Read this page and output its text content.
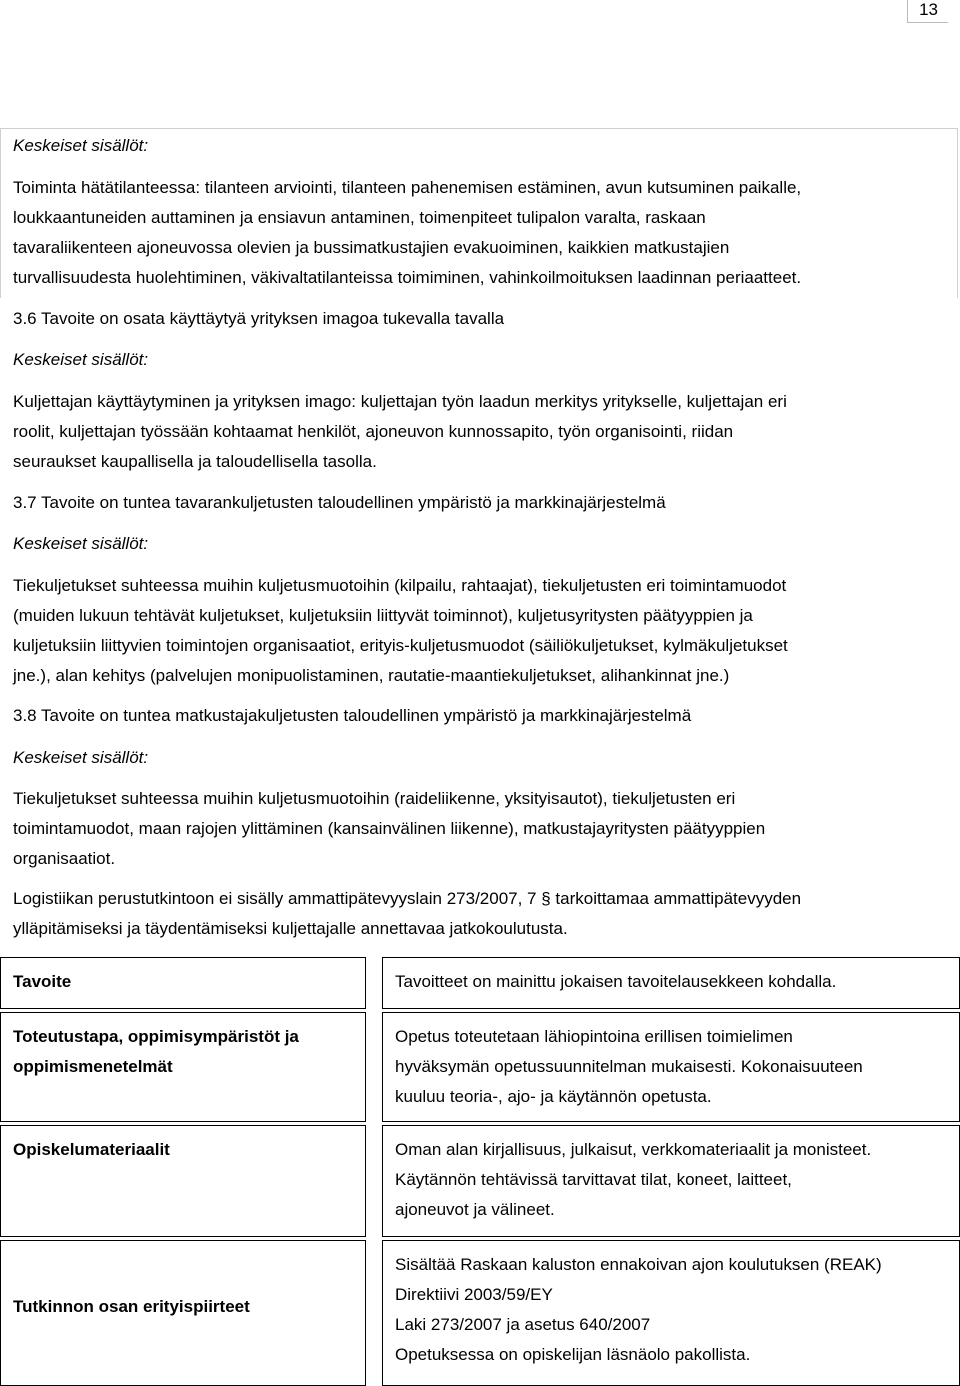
13
Keskeiset sisällöt:
Toiminta hätätilanteessa: tilanteen arviointi, tilanteen pahenemisen estäminen, avun kutsuminen paikalle,
loukkaantuneiden auttaminen ja ensiavun antaminen, toimenpiteet tulipalon varalta, raskaan
tavaraliikenteen ajoneuvossa olevien ja bussimatkustajien evakuoiminen, kaikkien matkustajien
turvallisuudesta huolehtiminen, väkivaltatilanteissa toimiminen, vahinkoilmoituksen laadinnan periaatteet.
3.6 Tavoite on osata käyttäytyä yrityksen imagoa tukevalla tavalla
Keskeiset sisällöt:
Kuljettajan käyttäytyminen ja yrityksen imago: kuljettajan työn laadun merkitys yritykselle, kuljettajan eri
roolit, kuljettajan työssään kohtaamat henkilöt, ajoneuvon kunnossapito, työn organisointi, riidan
seuraukset kaupallisella ja taloudellisella tasolla.
3.7 Tavoite on tuntea tavarankuljetusten taloudellinen ympäristö ja markkinajärjestelmä
Keskeiset sisällöt:
Tiekuljetukset suhteessa muihin kuljetusmuotoihin (kilpailu, rahtaajat), tiekuljetusten eri toimintamuodot
(muiden lukuun tehtävät kuljetukset, kuljetuksiin liittyvät toiminnot), kuljetusyritysten päätyyppien ja
kuljetuksiin liittyvien toimintojen organisaatiot, erityis-kuljetusmuodot (säiliökuljetukset, kylmäkuljetukset
jne.), alan kehitys (palvelujen monipuolistaminen, rautatie-maantiekuljetukset, alihankinnat jne.)
3.8 Tavoite on tuntea matkustajakuljetusten taloudellinen ympäristö ja markkinajärjestelmä
Keskeiset sisällöt:
Tiekuljetukset suhteessa muihin kuljetusmuotoihin (raideliikenne, yksityisautot), tiekuljetusten eri
toimintamuodot, maan rajojen ylittäminen (kansainvälinen liikenne), matkustajayritysten päätyyppien
organisaatiot.
Logistiikan perustutkintoon ei sisälly ammattipätevyyslain 273/2007, 7 § tarkoittamaa ammattipätevyyden
ylläpitämiseksi ja täydentämiseksi kuljettajalle annettavaa jatkokoulutusta.
Tavoite	Tavoitteet on mainittu jokaisen tavoitelausekkeen kohdalla.
Toteutustapa, oppimisympäristöt ja
oppimismenetelmät
Opetus toteutetaan lähiopintoina erillisen toimielimen
hyväksymän opetussuunnitelman mukaisesti. Kokonaisuuteen
kuuluu teoria-, ajo- ja käytännön opetusta.
Opiskelumateriaalit	Oman alan kirjallisuus, julkaisut, verkkomateriaalit ja monisteet.
Käytännön tehtävissä tarvittavat tilat, koneet, laitteet,
ajoneuvot ja välineet.
Tutkinnon osan erityispiirteet
Sisältää Raskaan kaluston ennakoivan ajon koulutuksen (REAK)
Direktiivi 2003/59/EY
Laki 273/2007 ja asetus 640/2007
Opetuksessa on opiskelijan läsnäolo pakollista.
